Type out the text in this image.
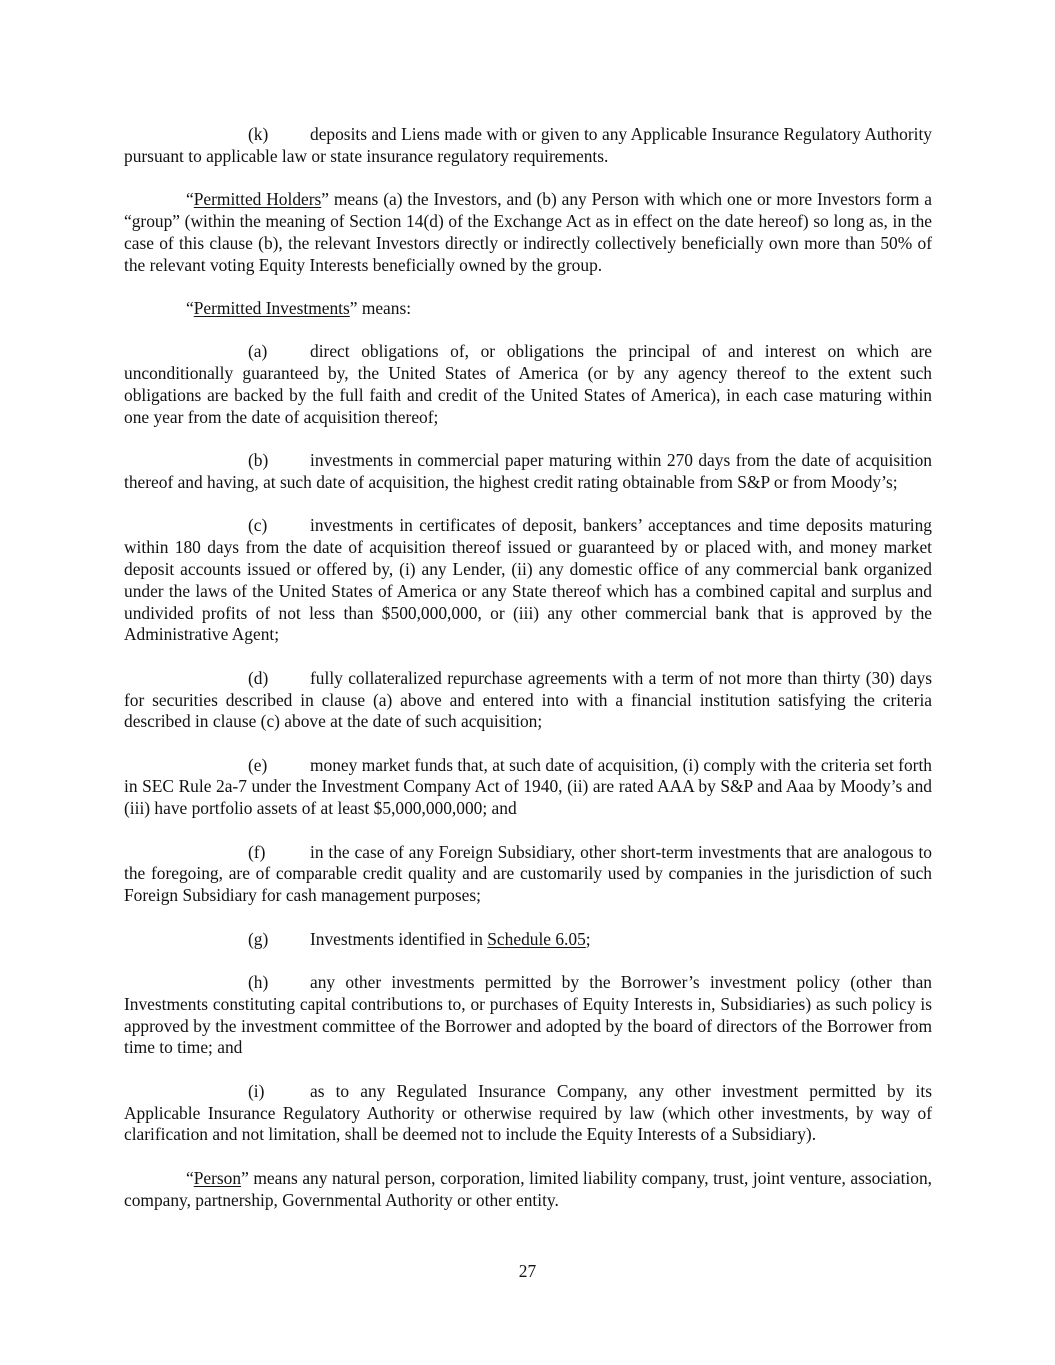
(k) deposits and Liens made with or given to any Applicable Insurance Regulatory Authority pursuant to applicable law or state insurance regulatory requirements.

“Permitted Holders” means (a) the Investors, and (b) any Person with which one or more Investors form a “group” (within the meaning of Section 14(d) of the Exchange Act as in effect on the date hereof) so long as, in the case of this clause (b), the relevant Investors directly or indirectly collectively beneficially own more than 50% of the relevant voting Equity Interests beneficially owned by the group.

“Permitted Investments” means:

(a) direct obligations of, or obligations the principal of and interest on which are unconditionally guaranteed by, the United States of America (or by any agency thereof to the extent such obligations are backed by the full faith and credit of the United States of America), in each case maturing within one year from the date of acquisition thereof;

(b) investments in commercial paper maturing within 270 days from the date of acquisition thereof and having, at such date of acquisition, the highest credit rating obtainable from S&P or from Moody’s;

(c) investments in certificates of deposit, bankers’ acceptances and time deposits maturing within 180 days from the date of acquisition thereof issued or guaranteed by or placed with, and money market deposit accounts issued or offered by, (i) any Lender, (ii) any domestic office of any commercial bank organized under the laws of the United States of America or any State thereof which has a combined capital and surplus and undivided profits of not less than $500,000,000, or (iii) any other commercial bank that is approved by the Administrative Agent;

(d) fully collateralized repurchase agreements with a term of not more than thirty (30) days for securities described in clause (a) above and entered into with a financial institution satisfying the criteria described in clause (c) above at the date of such acquisition;

(e) money market funds that, at such date of acquisition, (i) comply with the criteria set forth in SEC Rule 2a-7 under the Investment Company Act of 1940, (ii) are rated AAA by S&P and Aaa by Moody’s and (iii) have portfolio assets of at least $5,000,000,000; and

(f)	in the case of any Foreign Subsidiary, other short-term investments that are analogous to the foregoing, are of comparable credit quality and are customarily used by companies in the jurisdiction of such Foreign Subsidiary for cash management purposes;

(g) Investments identified in Schedule 6.05;

(h) any other investments permitted by the Borrower’s investment policy (other than Investments constituting capital contributions to, or purchases of Equity Interests in, Subsidiaries) as such policy is approved by the investment committee of the Borrower and adopted by the board of directors of the Borrower from time to time; and

(i)	as to any Regulated Insurance Company, any other investment permitted by its Applicable Insurance Regulatory Authority or otherwise required by law (which other investments, by way of clarification and not limitation, shall be deemed not to include the Equity Interests of a Subsidiary).

“Person” means any natural person, corporation, limited liability company, trust, joint venture, association, company, partnership, Governmental Authority or other entity.

27
